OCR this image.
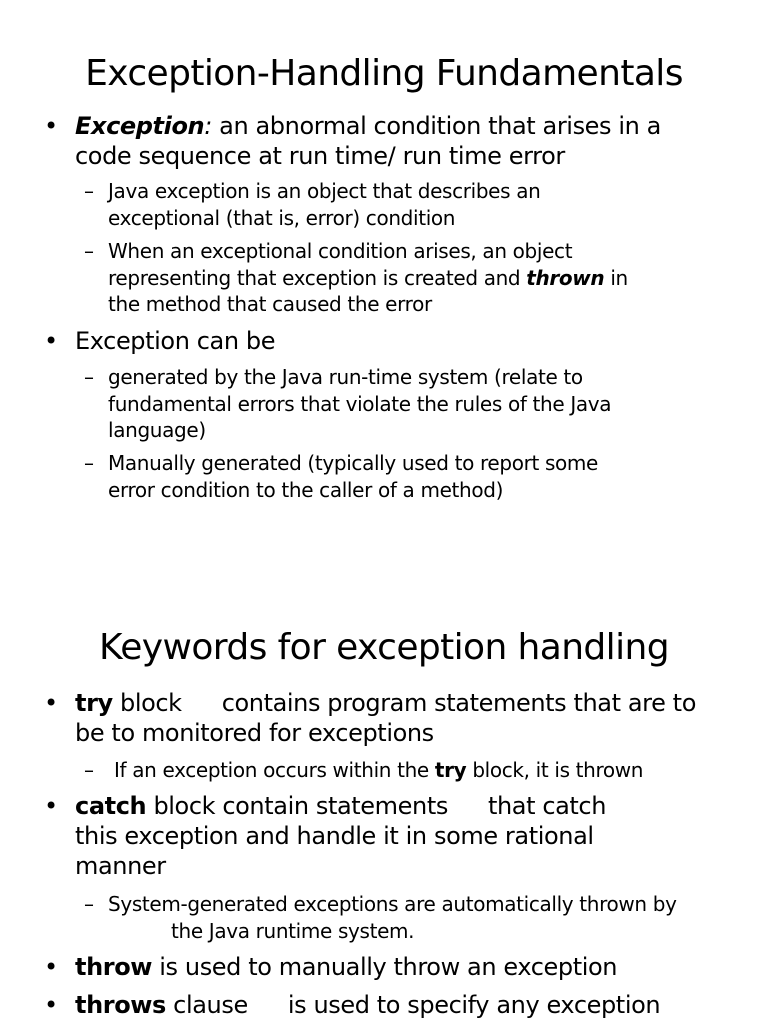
Exception-Handling Fundamentals
• Exception: an abnormal condition that arises in a
code sequence at run time/ run time error
– Java exception is an object that describes an
exceptional (that is, error) condition
– When an exceptional condition arises, an object
representing that exception is created and thrown in
the method that caused the error
• Exception can be
– generated by the Java run-time system (relate to
fundamental errors that violate the rules of the Java
language)
– Manually generated (typically used to report some
error condition to the caller of a method)
Keywords for exception handling
• try block contains program statements that are to
be to monitored for exceptions
– If an exception occurs within the try block, it is thrown
• catch block contain statements that catch
this exception and handle it in some rational
manner
– System-generated exceptions are automatically thrown by
the Java runtime system.
• throw is used to manually throw an exception
• throws clause is used to specify any exception
